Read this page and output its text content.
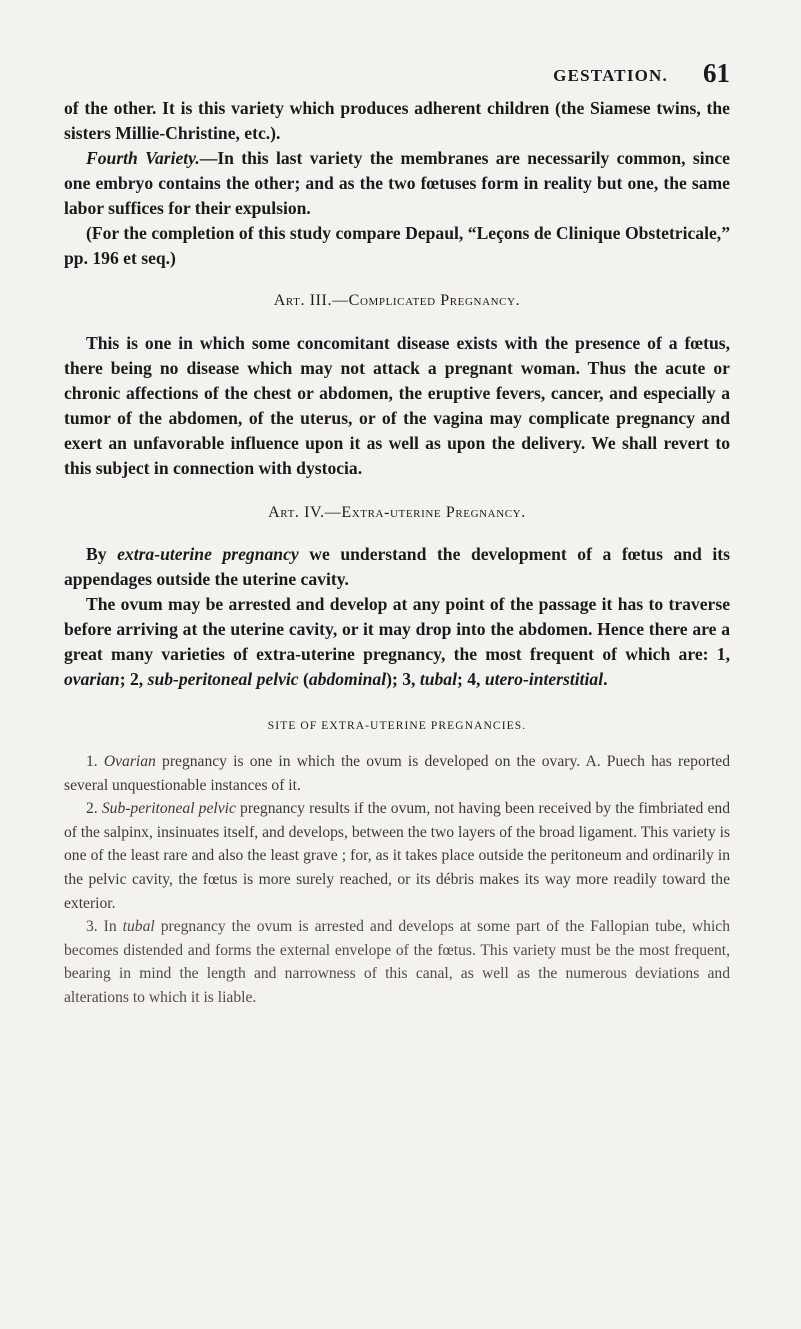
GESTATION. 61

of the other. It is this variety which produces adherent children (the Siamese twins, the sisters Millie-Christine, etc.).

Fourth Variety.—In this last variety the membranes are necessarily common, since one embryo contains the other; and as the two fœtuses form in reality but one, the same labor suffices for their expulsion.

(For the completion of this study compare Depaul, “Leçons de Clinique Obstetricale,” pp. 196 et seq.)

Art. III.—Complicated Pregnancy.

This is one in which some concomitant disease exists with the presence of a fœtus, there being no disease which may not attack a pregnant woman. Thus the acute or chronic affections of the chest or abdomen, the eruptive fevers, cancer, and especially a tumor of the abdomen, of the uterus, or of the vagina may complicate pregnancy and exert an unfavorable influence upon it as well as upon the delivery. We shall revert to this subject in connection with dystocia.

Art. IV.—Extra-uterine Pregnancy.

By extra-uterine pregnancy we understand the development of a fœtus and its appendages outside the uterine cavity.

The ovum may be arrested and develop at any point of the passage it has to traverse before arriving at the uterine cavity, or it may drop into the abdomen. Hence there are a great many varieties of extra-uterine pregnancy, the most frequent of which are: 1, ovarian; 2, sub-peritoneal pelvic (abdominal); 3, tubal; 4, utero-interstitial.

SITE OF EXTRA-UTERINE PREGNANCIES.

1. Ovarian pregnancy is one in which the ovum is developed on the ovary. A. Puech has reported several unquestionable instances of it.

2. Sub-peritoneal pelvic pregnancy results if the ovum, not having been received by the fimbriated end of the salpinx, insinuates itself, and develops, between the two layers of the broad ligament. This variety is one of the least rare and also the least grave ; for, as it takes place outside the peritoneum and ordinarily in the pelvic cavity, the fœtus is more surely reached, or its débris makes its way more readily toward the exterior.

3. In tubal pregnancy the ovum is arrested and develops at some part of the Fallopian tube, which becomes distended and forms the external envelope of the fœtus. This variety must be the most frequent, bearing in mind the length and narrowness of this canal, as well as the numerous deviations and alterations to which it is liable.
